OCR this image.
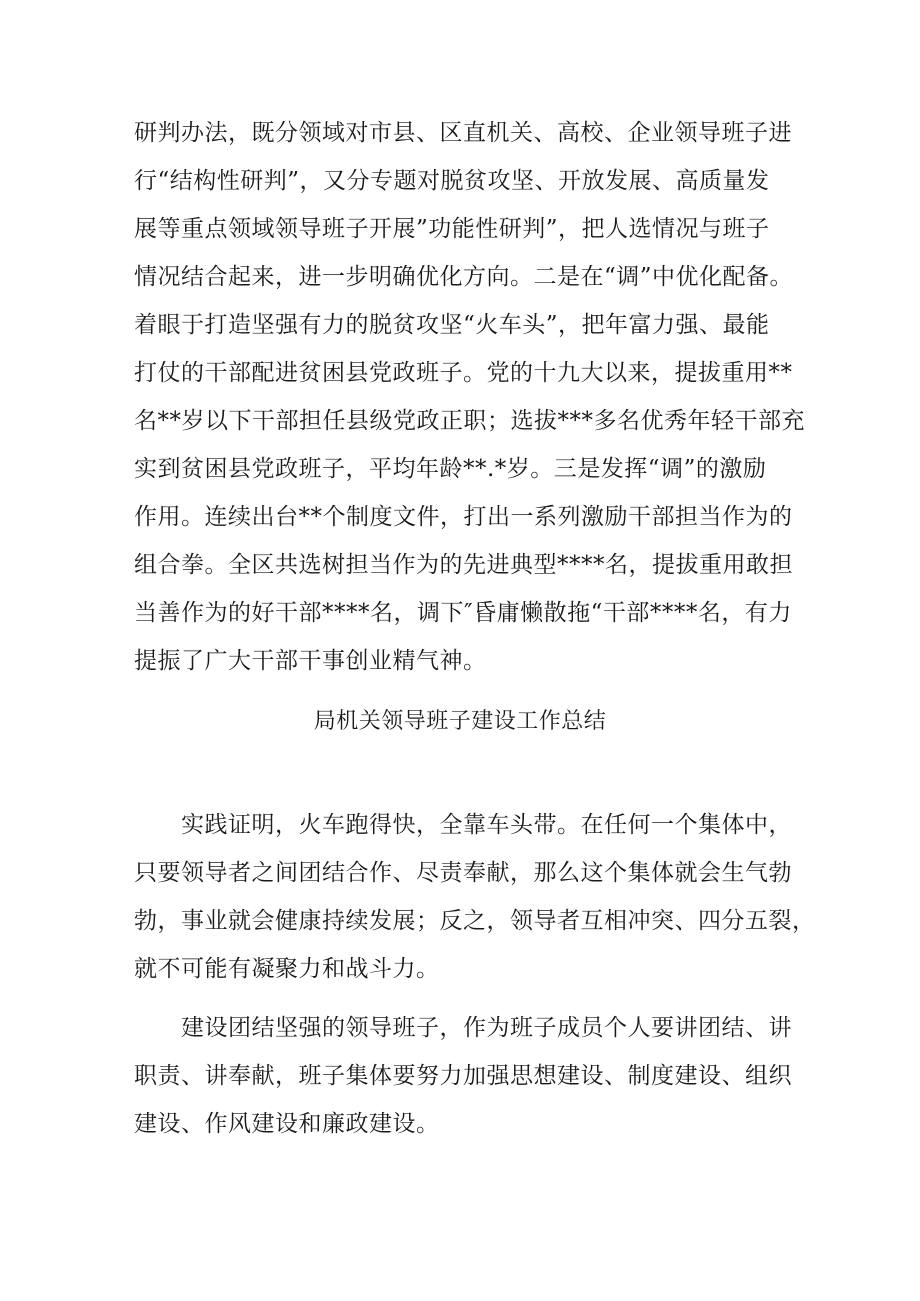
研判办法，既分领域对市县、区直机关、高校、企业领导班子进
行“结构性研判”，又分专题对脱贫攻坚、开放发展、高质量发
展等重点领域领导班子开展”功能性研判”，把人选情况与班子
情况结合起来，进一步明确优化方向。二是在“调”中优化配备。
着眼于打造坚强有力的脱贫攻坚“火车头”，把年富力强、最能
打仗的干部配进贫困县党政班子。党的十九大以来，提拔重用**
名**岁以下干部担任县级党政正职；选拔***多名优秀年轻干部充
实到贫困县党政班子，平均年龄**.*岁。三是发挥“调”的激励
作用。连续出台**个制度文件，打出一系列激励干部担当作为的
组合拳。全区共选树担当作为的先进典型****名，提拔重用敢担
当善作为的好干部****名，调下″昏庸懒散拖“干部****名，有力
提振了广大干部干事创业精气神。
局机关领导班子建设工作总结
实践证明，火车跑得快，全靠车头带。在任何一个集体中，
只要领导者之间团结合作、尽责奉献，那么这个集体就会生气勃
勃，事业就会健康持续发展；反之，领导者互相冲突、四分五裂，
就不可能有凝聚力和战斗力。
建设团结坚强的领导班子，作为班子成员个人要讲团结、讲
职责、讲奉献，班子集体要努力加强思想建设、制度建设、组织
建设、作风建设和廉政建设。
